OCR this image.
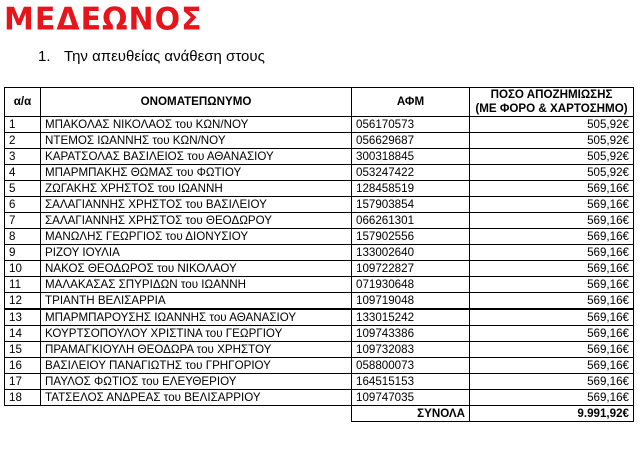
ΜΕΔΕΩΝΟΣ
1. Την απευθείας ανάθεση στους
α/α	ΟΝΟΜΑΤΕΠΩΝΥΜΟ	ΑΦΜ	ΠΟΣΟ ΑΠΟΖΗΜΙΩΣΗΣ
			(ΜΕ ΦΟΡΟ & ΧΑΡΤΟΣΗΜΟ)
1	ΜΠΑΚΟΛΑΣ ΝΙΚΟΛΑΟΣ του ΚΩΝ/ΝΟΥ	056170573	505,92€
2	ΝΤΕΜΟΣ ΙΩΑΝΝΗΣ του ΚΩΝ/ΝΟΥ	056629687	505,92€
3	ΚΑΡΑΤΣΟΛΑΣ ΒΑΣΙΛΕΙΟΣ του ΑΘΑΝΑΣΙΟΥ	300318845	505,92€
4	ΜΠΑΡΜΠΑΚΗΣ ΘΩΜΑΣ του ΦΩΤΙΟΥ	053247422	505,92€
5	ΖΩΓΑΚΗΣ ΧΡΗΣΤΟΣ του ΙΩΑΝΝΗ	128458519	569,16€
6	ΣΑΛΑΓΙΑΝΝΗΣ ΧΡΗΣΤΟΣ του ΒΑΣΙΛΕΙΟΥ	157903854	569,16€
7	ΣΑΛΑΓΙΑΝΝΗΣ ΧΡΗΣΤΟΣ του ΘΕΟΔΩΡΟΥ	066261301	569,16€
8	ΜΑΝΩΛΗΣ ΓΕΩΡΓΙΟΣ του ΔΙΟΝΥΣΙΟΥ	157902556	569,16€
9	ΡΙΖΟΥ ΙΟΥΛΙΑ	133002640	569,16€
10	ΝΑΚΟΣ ΘΕΟΔΩΡΟΣ του ΝΙΚΟΛΑΟΥ	109722827	569,16€
11	ΜΑΛΑΚΑΣΑΣ ΣΠΥΡΙΔΩΝ του ΙΩΑΝΝΗ	071930648	569,16€
12	ΤΡΙΑΝΤΗ ΒΕΛΙΣΑΡΡΙΑ	109719048	569,16€
13	ΜΠΑΡΜΠΑΡΟΥΣΗΣ ΙΩΑΝΝΗΣ του ΑΘΑΝΑΣΙΟΥ	133015242	569,16€
14	ΚΟΥΡΤΣΟΠΟΥΛΟΥ ΧΡΙΣΤΙΝΑ του ΓΕΩΡΓΙΟΥ	109743386	569,16€
15	ΠΡΑΜΑΓΚΙΟΥΛΗ ΘΕΟΔΩΡΑ του ΧΡΗΣΤΟΥ	109732083	569,16€
16	ΒΑΣΙΛΕΙΟΥ ΠΑΝΑΓΙΩΤΗΣ του ΓΡΗΓΟΡΙΟΥ	058800073	569,16€
17	ΠΑΥΛΟΣ ΦΩΤΙΟΣ του ΕΛΕΥΘΕΡΙΟΥ	164515153	569,16€
18	ΤΑΤΣΕΛΟΣ ΑΝΔΡΕΑΣ του ΒΕΛΙΣΑΡΡΙΟΥ	109747035	569,16€
		ΣΥΝΟΛΑ	9.991,92€
